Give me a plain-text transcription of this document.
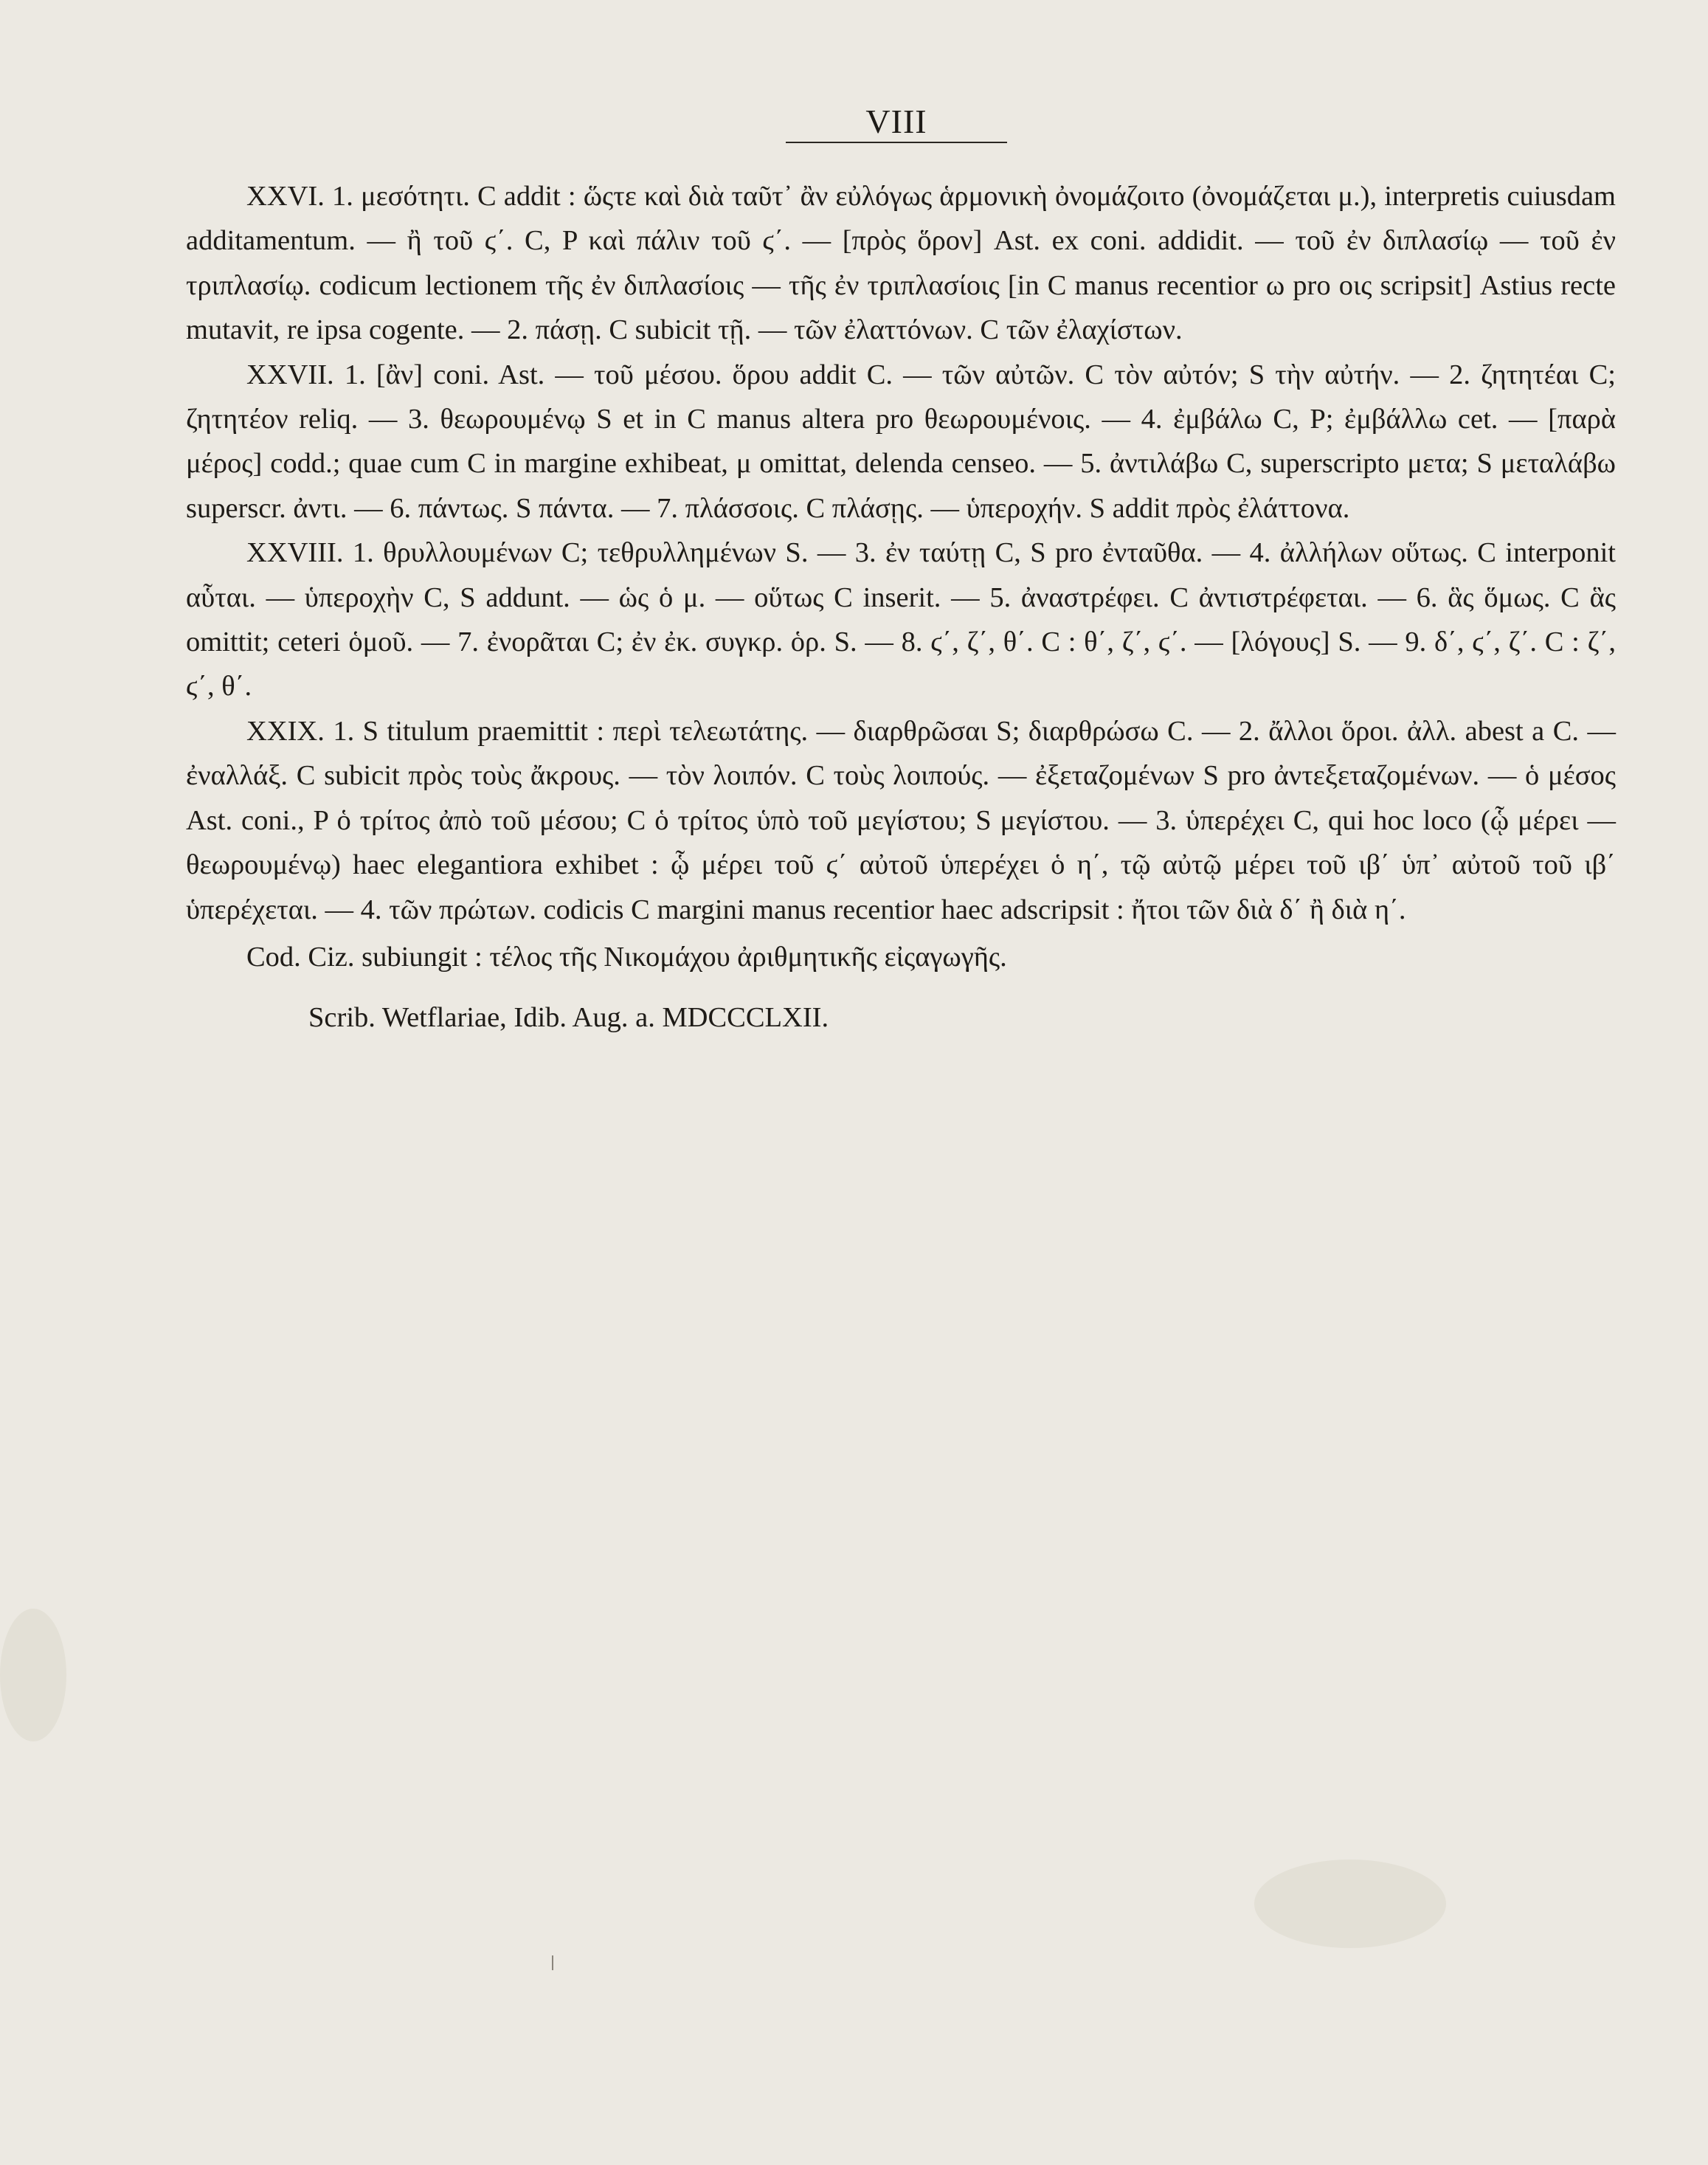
VIII

XXVI. 1. μεσότητι. C addit : ὥςτε καὶ διὰ ταῦτ᾽ ἂν εὐλόγως ἁρμονικὴ ὀνομάζοιτο (ὀνομάζεται μ.), interpretis cuiusdam additamentum. — ἢ τοῦ ϛ΄. C, P καὶ πάλιν τοῦ ϛ΄. — [πρὸς ὅρον] Ast. ex coni. addidit. — τοῦ ἐν διπλασίῳ — τοῦ ἐν τριπλασίῳ. codicum lectionem τῆς ἐν διπλασίοις — τῆς ἐν τριπλασίοις [in C manus recentior ω pro οις scripsit] Astius recte mutavit, re ipsa cogente. — 2. πάσῃ. C subicit τῇ. — τῶν ἐλαττόνων. C τῶν ἐλαχίστων.

XXVII. 1. [ἂν] coni. Ast. — τοῦ μέσου. ὅρου addit C. — τῶν αὐτῶν. C τὸν αὐτόν; S τὴν αὐτήν. — 2. ζητητέαι C; ζητητέον reliq. — 3. θεωρουμένῳ S et in C manus altera pro θεωρουμένοις. — 4. ἐμβάλω C, P; ἐμβάλλω cet. — [παρὰ μέρος] codd.; quae cum C in margine exhibeat, μ omittat, delenda censeo. — 5. ἀντιλάβω C, superscripto μετα; S μεταλάβω superscr. ἀντι. — 6. πάντως. S πάντα. — 7. πλάσσοις. C πλάσῃς. — ὑπεροχήν. S addit πρὸς ἐλάττονα.

XXVIII. 1. θρυλλουμένων C; τεθρυλλημένων S. — 3. ἐν ταύτῃ C, S pro ἐνταῦθα. — 4. ἀλλήλων οὕτως. C interponit αὗται. — ὑπεροχὴν C, S addunt. — ὡς ὁ μ. — οὕτως C inserit. — 5. ἀναστρέφει. C ἀντιστρέφεται. — 6. ἃς ὅμως. C ἃς omittit; ceteri ὁμοῦ. — 7. ἐνορᾶται C; ἐν ἐκ. συγκρ. ὁρ. S. — 8. ϛ΄, ζ΄, θ΄. C : θ΄, ζ΄, ϛ΄. — [λόγους] S. — 9. δ΄, ϛ΄, ζ΄. C : ζ΄, ϛ΄, θ΄.

XXIX. 1. S titulum praemittit : περὶ τελεωτάτης. — διαρθρῶσαι S; διαρθρώσω C. — 2. ἄλλοι ὅροι. ἀλλ. abest a C. — ἐναλλάξ. C subicit πρὸς τοὺς ἄκρους. — τὸν λοιπόν. C τοὺς λοιπούς. — ἐξεταζομένων S pro ἀντεξεταζομένων. — ὁ μέσος Ast. coni., P ὁ τρίτος ἀπὸ τοῦ μέσου; C ὁ τρίτος ὑπὸ τοῦ μεγίστου; S μεγίστου. — 3. ὑπερέχει C, qui hoc loco (ᾧ μέρει — θεωρουμένῳ) haec elegantiora exhibet : ᾧ μέρει τοῦ ϛ΄ αὐτοῦ ὑπερέχει ὁ η΄, τῷ αὐτῷ μέρει τοῦ ιβ΄ ὑπ᾽ αὐτοῦ τοῦ ιβ΄ ὑπερέχεται. — 4. τῶν πρώτων. codicis C margini manus recentior haec adscripsit : ἤτοι τῶν διὰ δ΄ ἢ διὰ η΄.

Cod. Ciz. subiungit : τέλος τῆς Νικομάχου ἀριθμητικῆς εἰςαγωγῆς.

Scrib. Wetflariae, Idib. Aug. a. MDCCCLXII.
